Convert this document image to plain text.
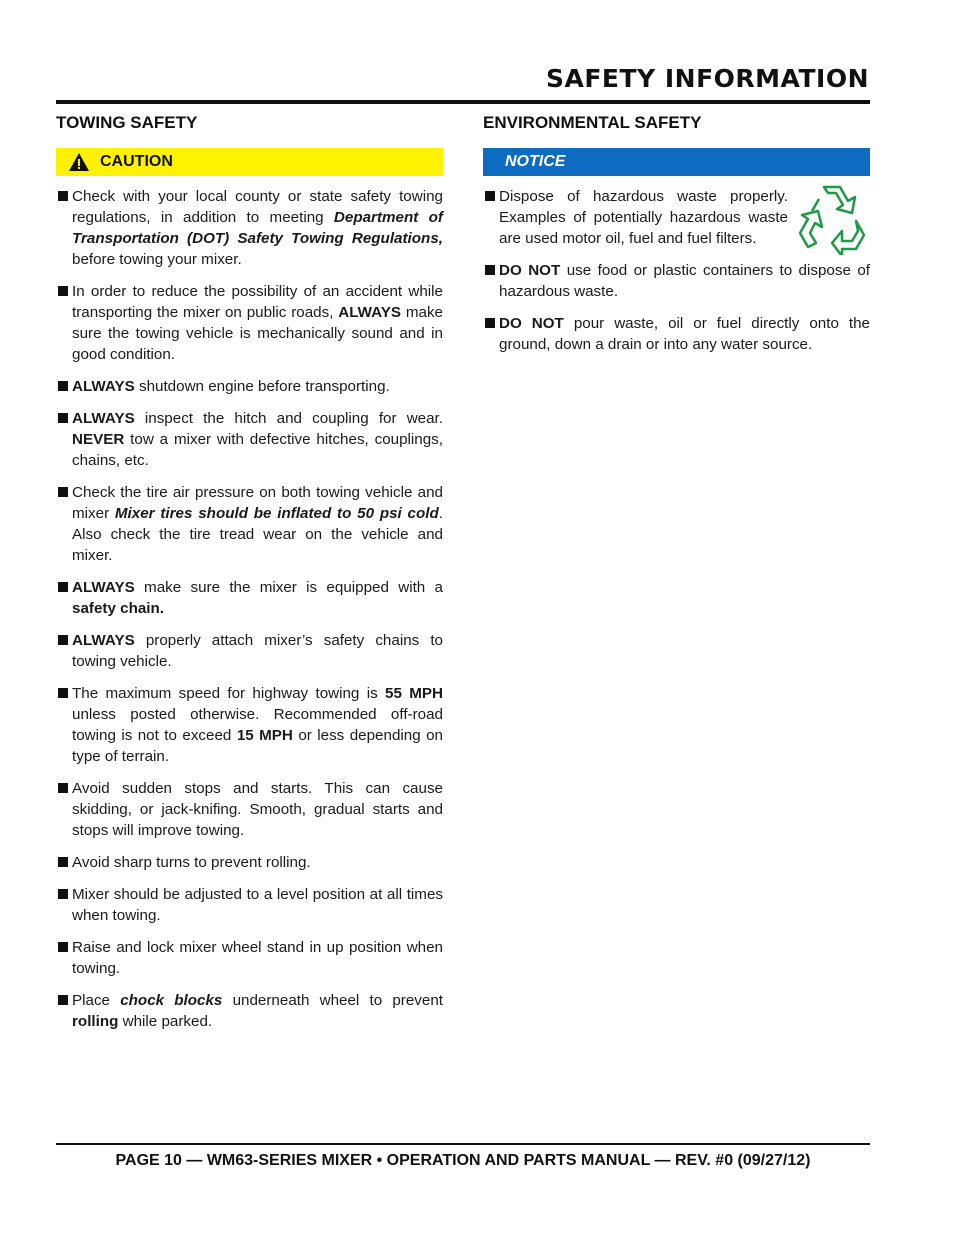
SAFETY INFORMATION
TOWING SAFETY
CAUTION
Check with your local county or state safety towing regulations, in addition to meeting Department of Transportation (DOT) Safety Towing Regulations, before towing your mixer.
In order to reduce the possibility of an accident while transporting the mixer on public roads, ALWAYS make sure the towing vehicle is mechanically sound and in good condition.
ALWAYS shutdown engine before transporting.
ALWAYS inspect the hitch and coupling for wear. NEVER tow a mixer with defective hitches, couplings, chains, etc.
Check the tire air pressure on both towing vehicle and mixer Mixer tires should be inflated to 50 psi cold. Also check the tire tread wear on the vehicle and mixer.
ALWAYS make sure the mixer is equipped with a safety chain.
ALWAYS properly attach mixer’s safety chains to towing vehicle.
The maximum speed for highway towing is 55 MPH unless posted otherwise. Recommended off-road towing is not to exceed 15 MPH or less depending on type of terrain.
Avoid sudden stops and starts. This can cause skidding, or jack-knifing. Smooth, gradual starts and stops will improve towing.
Avoid sharp turns to prevent rolling.
Mixer should be adjusted to a level position at all times when towing.
Raise and lock mixer wheel stand in up position when towing.
Place chock blocks underneath wheel to prevent rolling while parked.
ENVIRONMENTAL SAFETY
NOTICE
Dispose of hazardous waste properly. Examples of potentially hazardous waste are used motor oil, fuel and fuel filters.
DO NOT use food or plastic containers to dispose of hazardous waste.
DO NOT pour waste, oil or fuel directly onto the ground, down a drain or into any water source.

PAGE 10 — WM63-SERIES MIXER • OPERATION AND PARTS MANUAL — REV. #0 (09/27/12)
